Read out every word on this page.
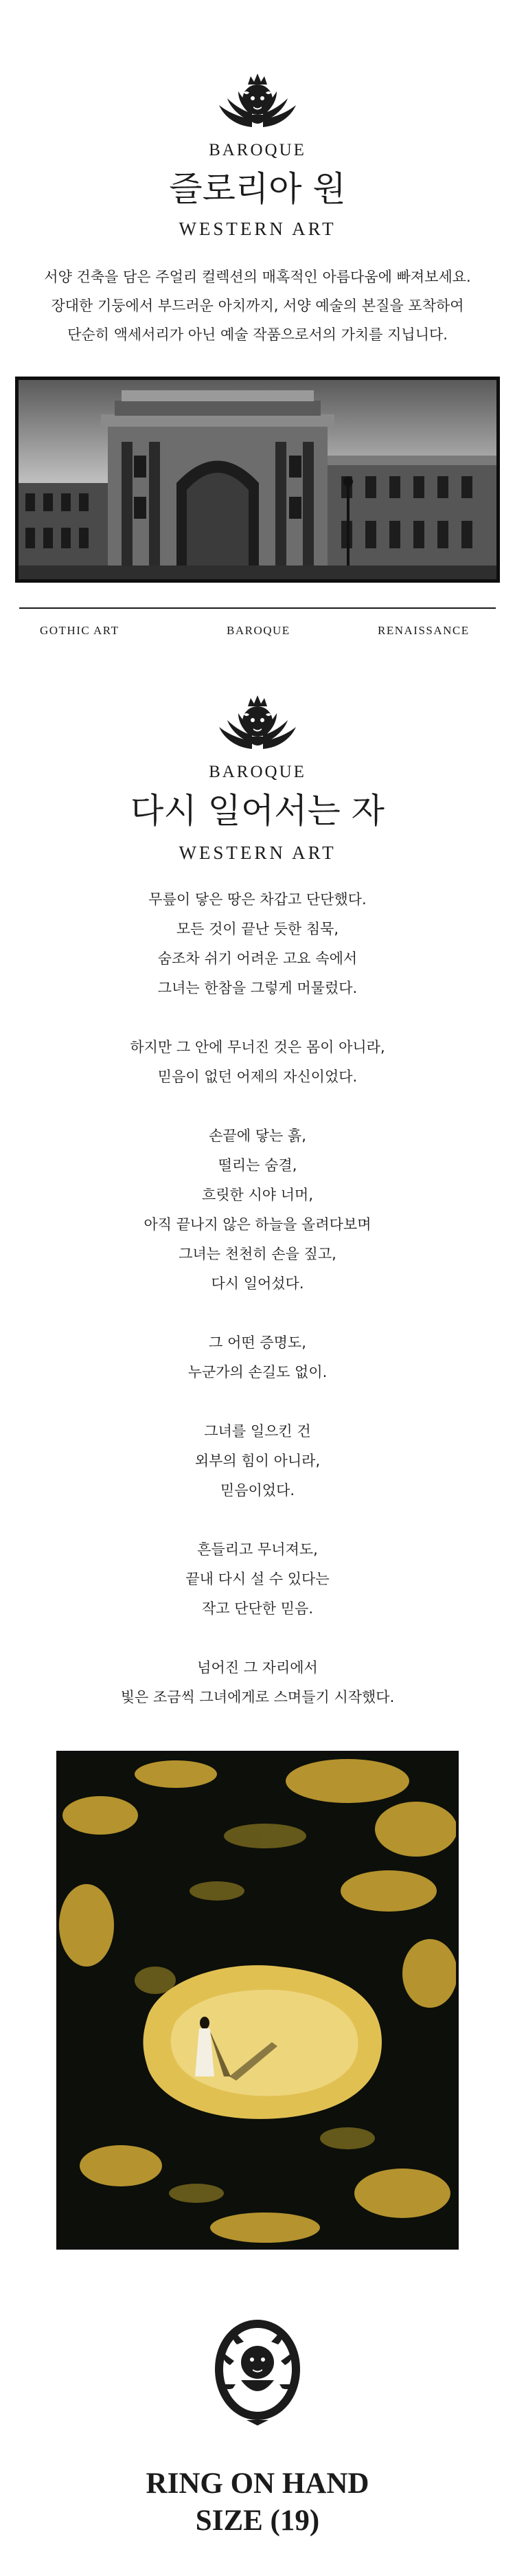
BAROQUE
즐로리아 원
WESTERN ART
서양 건축을 담은 주얼리 컬렉션의 매혹적인 아름다움에 빠져보세요.
장대한 기둥에서 부드러운 아치까지, 서양 예술의 본질을 포착하여
단순히 액세서리가 아닌 예술 작품으로서의 가치를 지닙니다.
GOTHIC ART	BAROQUE	RENAISSANCE
BAROQUE
다시 일어서는 자
WESTERN ART
무릎이 닿은 땅은 차갑고 단단했다.
모든 것이 끝난 듯한 침묵,
숨조차 쉬기 어려운 고요 속에서
그녀는 한참을 그렇게 머물렀다.
하지만 그 안에 무너진 것은 몸이 아니라,
믿음이 없던 어제의 자신이었다.
손끝에 닿는 흙,
떨리는 숨결,
흐릿한 시야 너머,
아직 끝나지 않은 하늘을 올려다보며
그녀는 천천히 손을 짚고,
다시 일어섰다.
그 어떤 증명도,
누군가의 손길도 없이.
그녀를 일으킨 건
외부의 힘이 아니라,
믿음이었다.
흔들리고 무너져도,
끝내 다시 설 수 있다는
작고 단단한 믿음.
넘어진 그 자리에서
빛은 조금씩 그녀에게로 스며들기 시작했다.
RING ON HAND
SIZE (19)
